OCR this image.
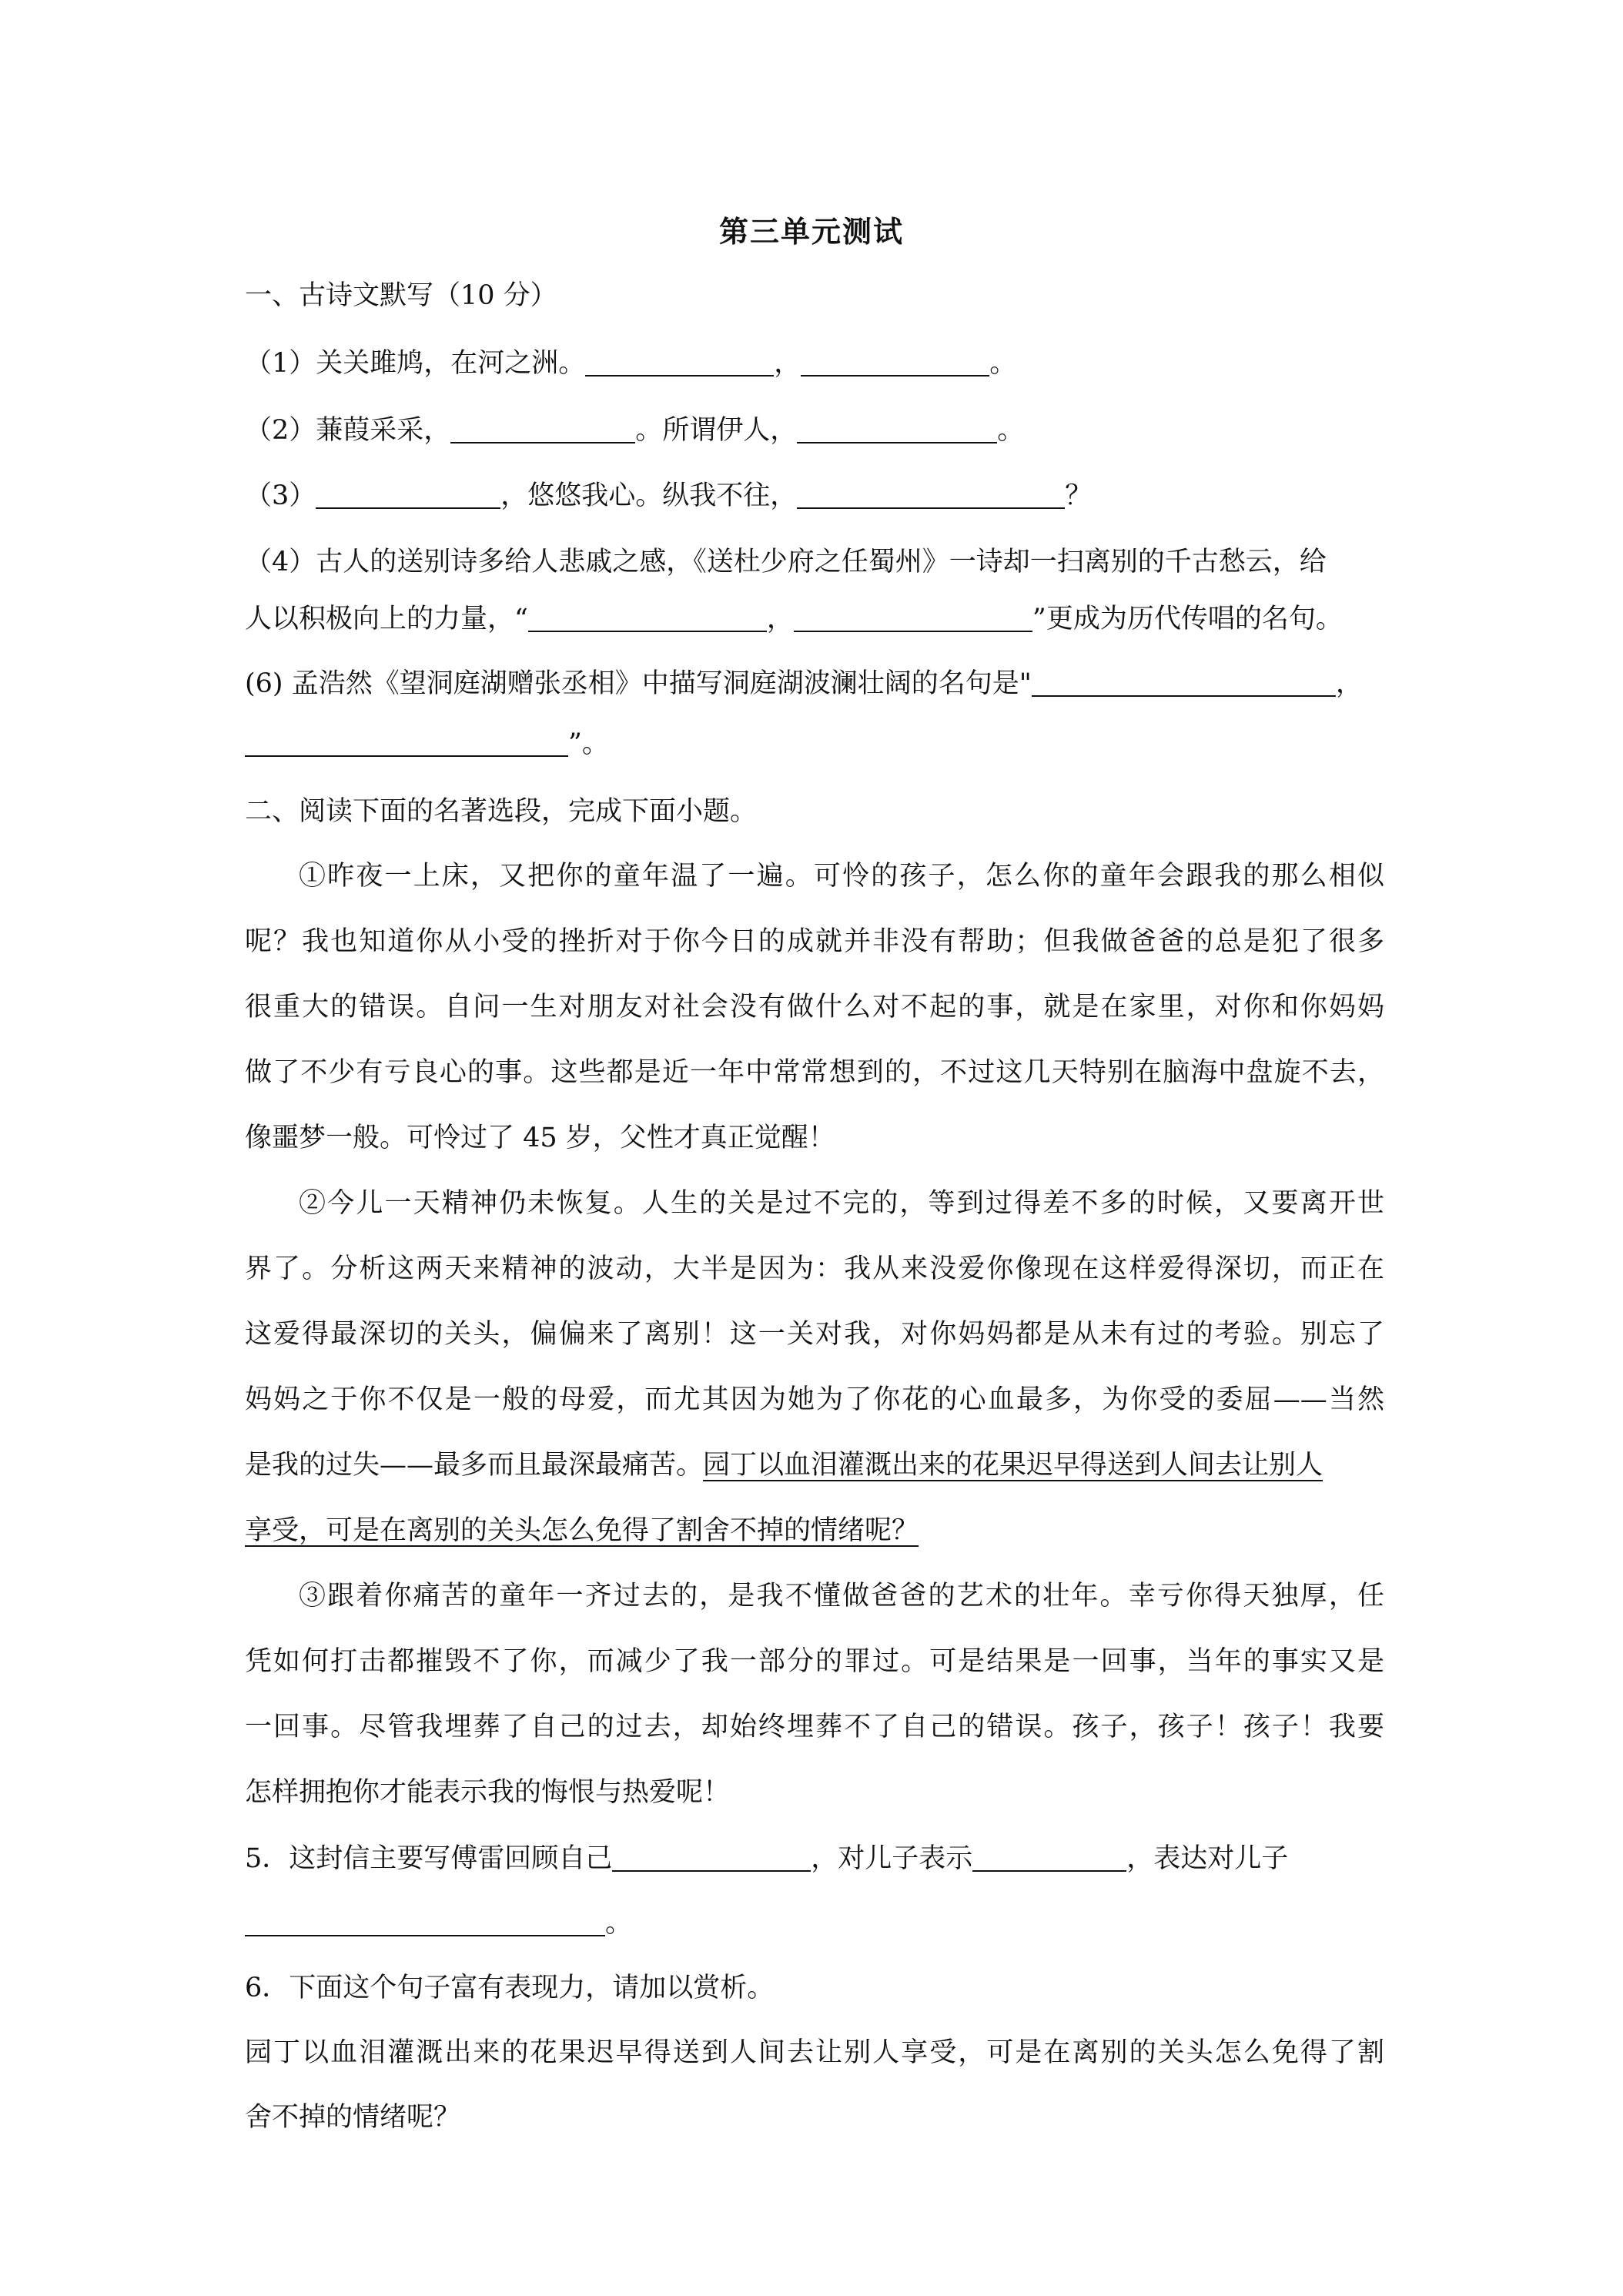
第三单元测试
一、古诗文默写（10 分）
（1）关关雎鸠，在河之洲。	，	。
（2）蒹葭采采，	。所谓伊人，	。
（3）	，悠悠我心。纵我不往，	？
（4）古人的送别诗多给人悲戚之感，《送杜少府之任蜀州》一诗却一扫离别的千古愁云，给
人以积极向上的力量，“	，	”更成为历代传唱的名句。
(6) 孟浩然《望洞庭湖赠张丞相》中描写洞庭湖波澜壮阔的名句是"	，
”。
二、阅读下面的名著选段，完成下面小题。
①昨夜一上床，又把你的童年温了一遍。可怜的孩子，怎么你的童年会跟我的那么相似
呢？我也知道你从小受的挫折对于你今日的成就并非没有帮助；但我做爸爸的总是犯了很多
很重大的错误。自问一生对朋友对社会没有做什么对不起的事，就是在家里，对你和你妈妈
做了不少有亏良心的事。这些都是近一年中常常想到的，不过这几天特别在脑海中盘旋不去，
像噩梦一般。可怜过了 45 岁，父性才真正觉醒！
②今儿一天精神仍未恢复。人生的关是过不完的，等到过得差不多的时候，又要离开世
界了。分析这两天来精神的波动，大半是因为：我从来没爱你像现在这样爱得深切，而正在
这爱得最深切的关头，偏偏来了离别！这一关对我，对你妈妈都是从未有过的考验。别忘了
妈妈之于你不仅是一般的母爱，而尤其因为她为了你花的心血最多，为你受的委屈——当然
是我的过失——最多而且最深最痛苦。园丁以血泪灌溉出来的花果迟早得送到人间去让别人
享受，可是在离别的关头怎么免得了割舍不掉的情绪呢？
③跟着你痛苦的童年一齐过去的，是我不懂做爸爸的艺术的壮年。幸亏你得天独厚，任
凭如何打击都摧毁不了你，而减少了我一部分的罪过。可是结果是一回事，当年的事实又是
一回事。尽管我埋葬了自己的过去，却始终埋葬不了自己的错误。孩子，孩子！孩子！我要
怎样拥抱你才能表示我的悔恨与热爱呢！
5．这封信主要写傅雷回顾自己	，对儿子表示	，表达对儿子
。
6．下面这个句子富有表现力，请加以赏析。
园丁以血泪灌溉出来的花果迟早得送到人间去让别人享受，可是在离别的关头怎么免得了割
舍不掉的情绪呢？
